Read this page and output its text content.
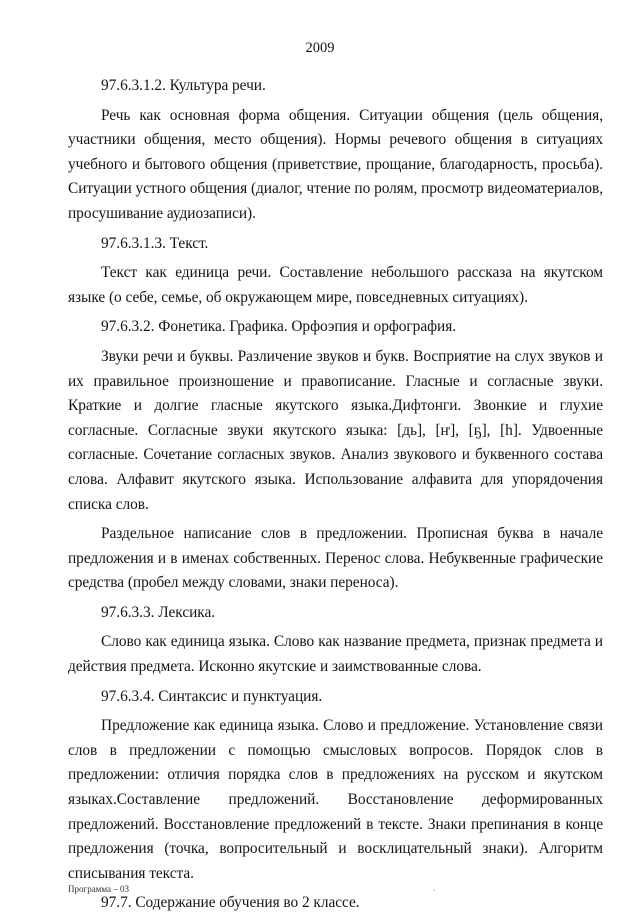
2009

97.6.3.1.2. Культура речи.

Речь как основная форма общения. Ситуации общения (цель общения, участники общения, место общения). Нормы речевого общения в ситуациях учебного и бытового общения (приветствие, прощание, благодарность, просьба). Ситуации устного общения (диалог, чтение по ролям, просмотр видеоматериалов, просушивание аудиозаписи).

97.6.3.1.3. Текст.

Текст как единица речи. Составление небольшого рассказа на якутском языке (о себе, семье, об окружающем мире, повседневных ситуациях).

97.6.3.2. Фонетика. Графика. Орфоэпия и орфография.

Звуки речи и буквы. Различение звуков и букв. Восприятие на слух звуков и их правильное произношение и правописание. Гласные и согласные звуки. Краткие и долгие гласные якутского языка.Дифтонги. Звонкие и глухие согласные. Согласные звуки якутского языка: [дь], [ҥ], [ҕ], [h]. Удвоенные согласные. Сочетание согласных звуков. Анализ звукового и буквенного состава слова. Алфавит якутского языка. Использование алфавита для упорядочения списка слов.

Раздельное написание слов в предложении. Прописная буква в начале предложения и в именах собственных. Перенос слова. Небуквенные графические средства (пробел между словами, знаки переноса).

97.6.3.3. Лексика.

Слово как единица языка. Слово как название предмета, признак предмета и действия предмета. Исконно якутские и заимствованные слова.

97.6.3.4. Синтаксис и пунктуация.

Предложение как единица языка. Слово и предложение. Установление связи слов в предложении с помощью смысловых вопросов. Порядок слов в предложении: отличия порядка слов в предложениях на русском и якутском языках.Составление предложений. Восстановление деформированных предложений. Восстановление предложений в тексте. Знаки препинания в конце предложения (точка, вопросительный и восклицательный знаки). Алгоритм списывания текста.

97.7. Содержание обучения во 2 классе.

Программа – 03	·
